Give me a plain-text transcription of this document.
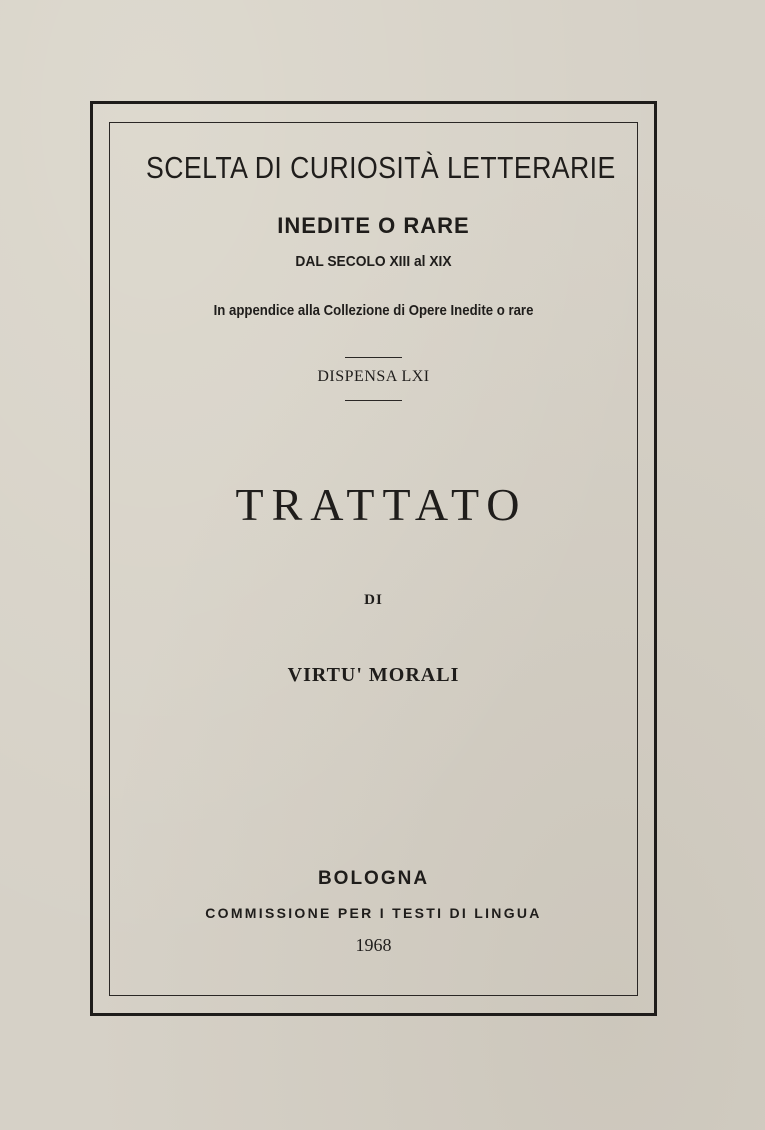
SCELTA DI CURIOSITÀ LETTERARIE
INEDITE O RARE
DAL SECOLO XIII al XIX
In appendice alla Collezione di Opere Inedite o rare
DISPENSA LXI
TRATTATO
DI
VIRTU' MORALI
BOLOGNA
COMMISSIONE PER I TESTI DI LINGUA
1968
